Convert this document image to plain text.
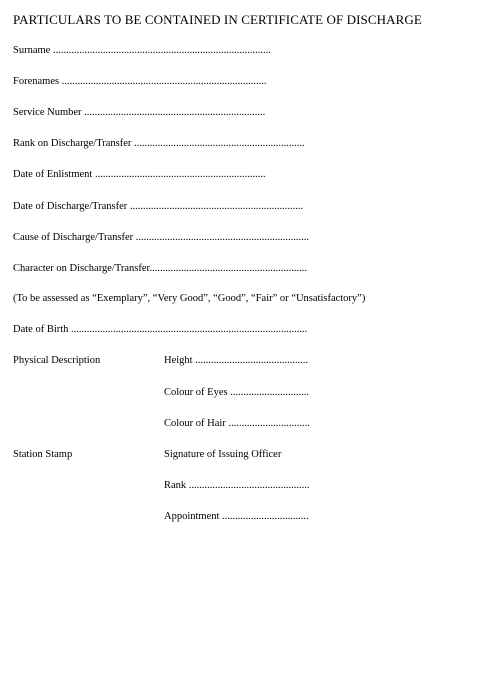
PARTICULARS TO BE CONTAINED IN CERTIFICATE OF DISCHARGE
Surname ...................................................................................
Forenames ..............................................................................
Service Number .....................................................................
Rank on Discharge/Transfer .................................................................
Date of Enlistment .................................................................
Date of Discharge/Transfer ..................................................................
Cause of Discharge/Transfer ..................................................................
Character on Discharge/Transfer............................................................
(To be assessed as “Exemplary”, “Very Good”, “Good”, “Fair” or “Unsatisfactory”)
Date of Birth ..........................................................................................
Physical Description	Height ...........................................
Colour of Eyes ..............................
Colour of Hair ...............................
Station Stamp	Signature of Issuing Officer
Rank ..............................................
Appointment .................................
